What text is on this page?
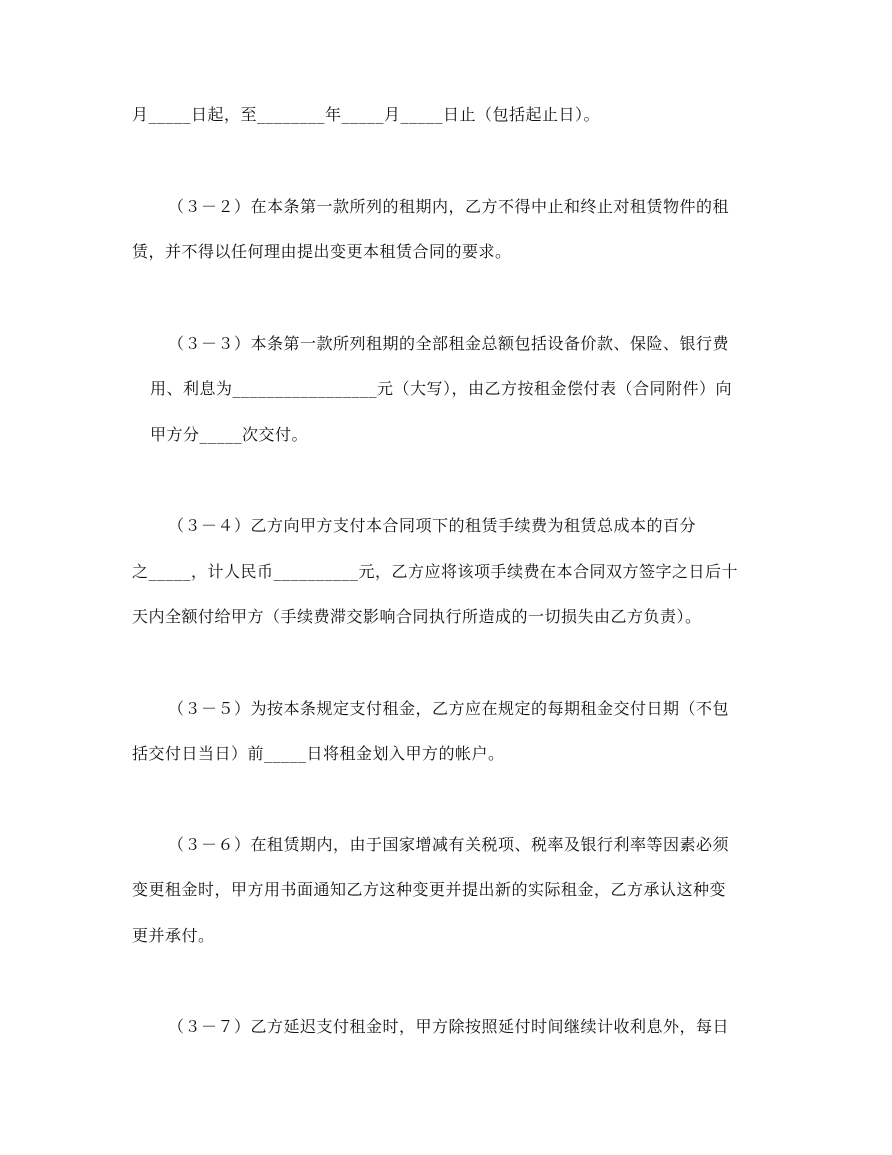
月_____日起，至________年_____月_____日止（包括起止日）。
（３－２）在本条第一款所列的租期内，乙方不得中止和终止对租赁物件的租
赁，并不得以任何理由提出变更本租赁合同的要求。
（３－３）本条第一款所列租期的全部租金总额包括设备价款、保险、银行费
用、利息为_________________元（大写），由乙方按租金偿付表（合同附件）向
甲方分_____次交付。
（３－４）乙方向甲方支付本合同项下的租赁手续费为租赁总成本的百分
之_____，计人民币__________元，乙方应将该项手续费在本合同双方签字之日后十
天内全额付给甲方（手续费滞交影响合同执行所造成的一切损失由乙方负责）。
（３－５）为按本条规定支付租金，乙方应在规定的每期租金交付日期（不包
括交付日当日）前_____日将租金划入甲方的帐户。
（３－６）在租赁期内，由于国家增减有关税项、税率及银行利率等因素必须
变更租金时，甲方用书面通知乙方这种变更并提出新的实际租金，乙方承认这种变
更并承付。
（３－７）乙方延迟支付租金时，甲方除按照延付时间继续计收利息外，每日
